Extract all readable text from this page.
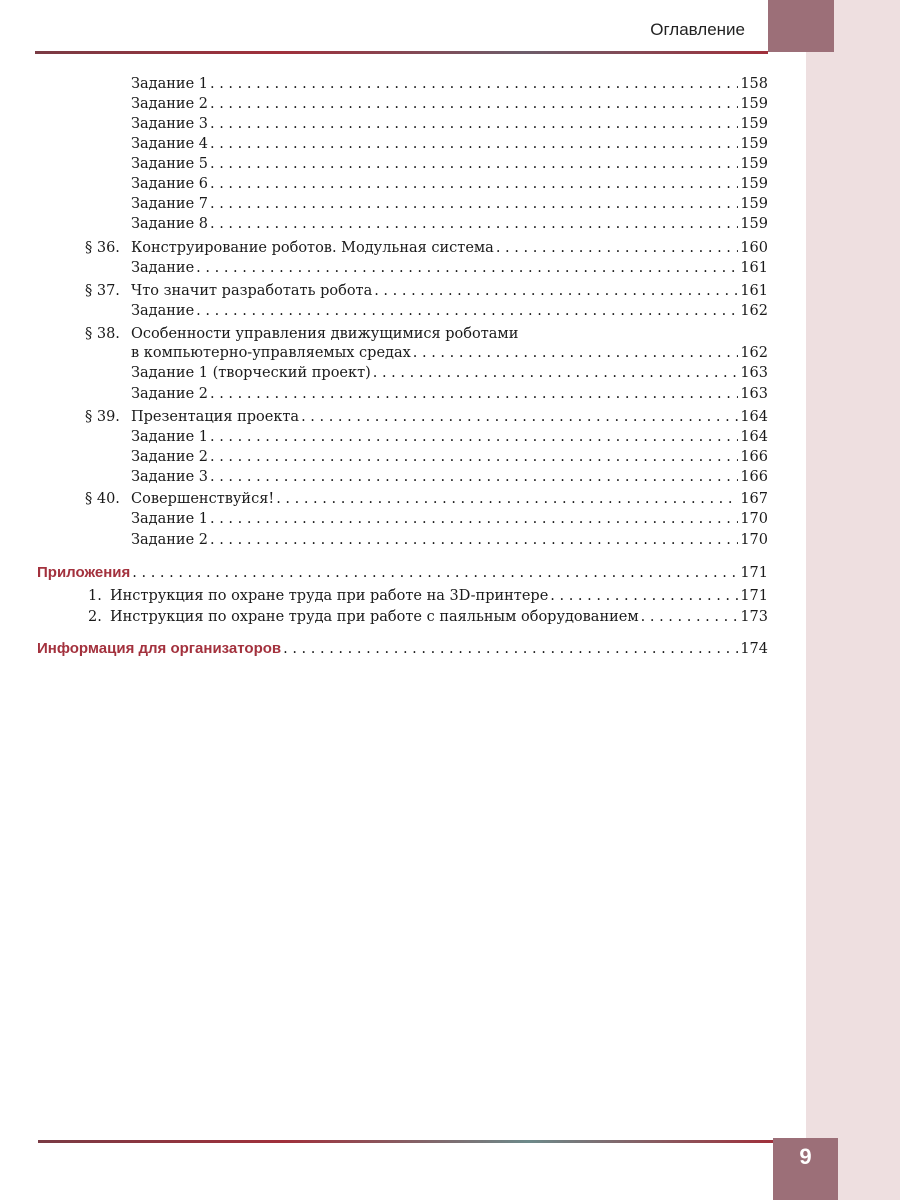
Оглавление
Задание 1 . . .	158
Задание 2 . . .	159
Задание 3 . . .	159
Задание 4 . . .	159
Задание 5 . . .	159
Задание 6 . . .	159
Задание 7 . . .	159
Задание 8 . . .	159
§ 36. Конструирование роботов. Модульная система . . .	160
Задание . . .	161
§ 37. Что значит разработать робота . . .	161
Задание . . .	162
§ 38. Особенности управления движущимися роботами
в компьютерно-управляемых средах . . .	162
Задание 1 (творческий проект) . . .	163
Задание 2 . . .	163
§ 39. Презентация проекта . . .	164
Задание 1 . . .	164
Задание 2 . . .	166
Задание 3 . . .	166
§ 40. Совершенствуйся! . . .	167
Задание 1 . . .	170
Задание 2 . . .	170
Приложения . . .	171
1. Инструкция по охране труда при работе на 3D-принтере . . .	171
2. Инструкция по охране труда при работе с паяльным оборудованием . . .	173
Информация для организаторов . . .	174
9
